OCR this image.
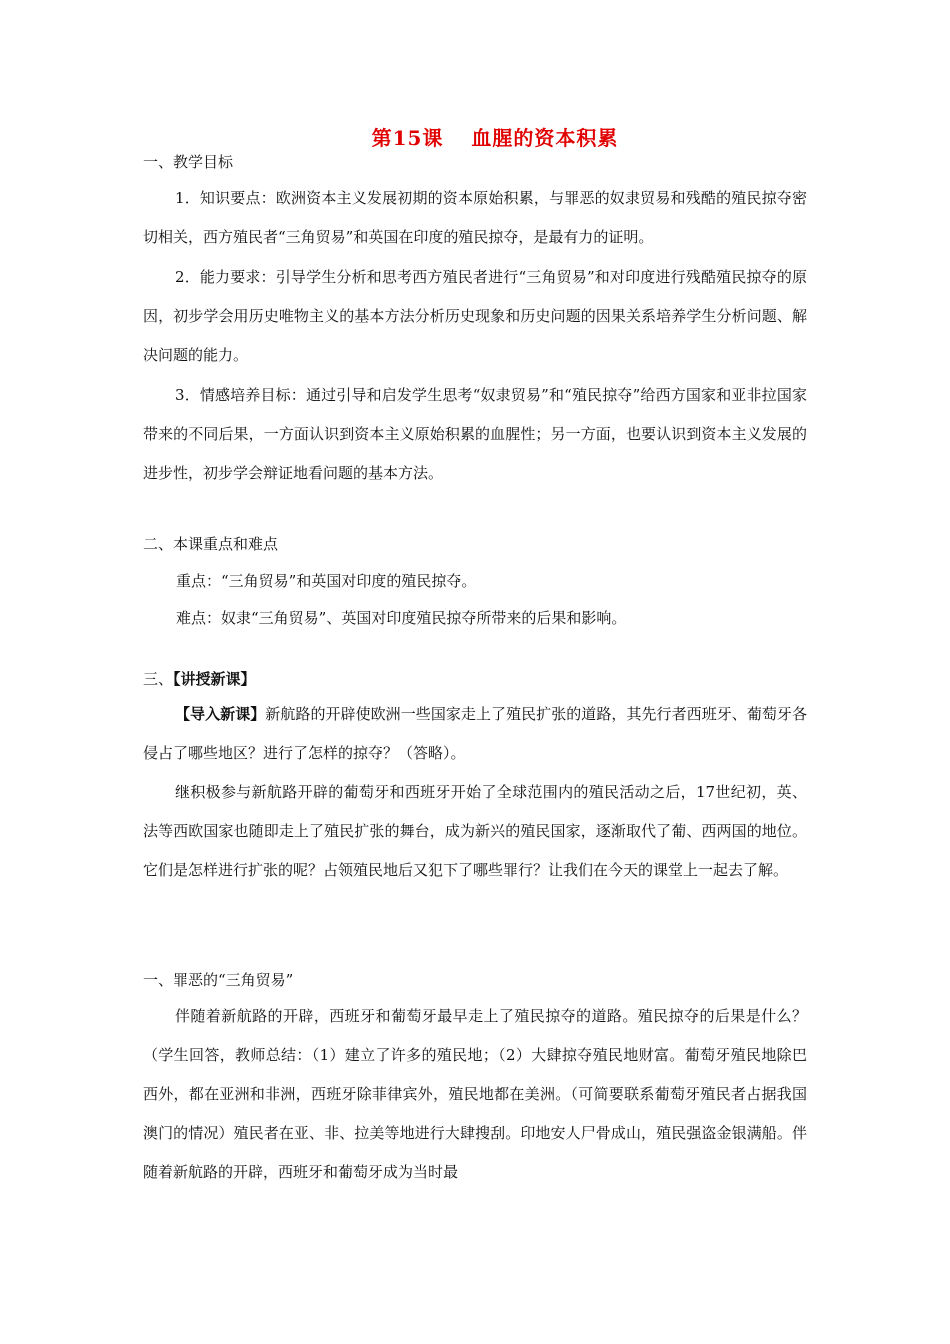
第15课 血腥的资本积累
一、教学目标
1．知识要点：欧洲资本主义发展初期的资本原始积累，与罪恶的奴隶贸易和残酷的殖民掠夺密切相关，西方殖民者“三角贸易”和英国在印度的殖民掠夺，是最有力的证明。
2．能力要求：引导学生分析和思考西方殖民者进行“三角贸易”和对印度进行残酷殖民掠夺的原因，初步学会用历史唯物主义的基本方法分析历史现象和历史问题的因果关系培养学生分析问题、解决问题的能力。
3．情感培养目标：通过引导和启发学生思考“奴隶贸易”和“殖民掠夺”给西方国家和亚非拉国家带来的不同后果，一方面认识到资本主义原始积累的血腥性；另一方面，也要认识到资本主义发展的进步性，初步学会辩证地看问题的基本方法。
二、本课重点和难点
重点：“三角贸易”和英国对印度的殖民掠夺。
难点：奴隶“三角贸易”、英国对印度殖民掠夺所带来的后果和影响。
三、【讲授新课】
【导入新课】新航路的开辟使欧洲一些国家走上了殖民扩张的道路，其先行者西班牙、葡萄牙各侵占了哪些地区？进行了怎样的掠夺？（答略）。
继积极参与新航路开辟的葡萄牙和西班牙开始了全球范围内的殖民活动之后，17世纪初，英、法等西欧国家也随即走上了殖民扩张的舞台，成为新兴的殖民国家，逐渐取代了葡、西两国的地位。它们是怎样进行扩张的呢？占领殖民地后又犯下了哪些罪行？让我们在今天的课堂上一起去了解。
一、罪恶的“三角贸易”
伴随着新航路的开辟，西班牙和葡萄牙最早走上了殖民掠夺的道路。殖民掠夺的后果是什么？（学生回答，教师总结：（1）建立了许多的殖民地；（2）大肆掠夺殖民地财富。葡萄牙殖民地除巴西外，都在亚洲和非洲，西班牙除菲律宾外，殖民地都在美洲。（可简要联系葡萄牙殖民者占据我国澳门的情况）殖民者在亚、非、拉美等地进行大肆搜刮。印地安人尸骨成山，殖民强盗金银满船。伴随着新航路的开辟，西班牙和葡萄牙成为当时最
